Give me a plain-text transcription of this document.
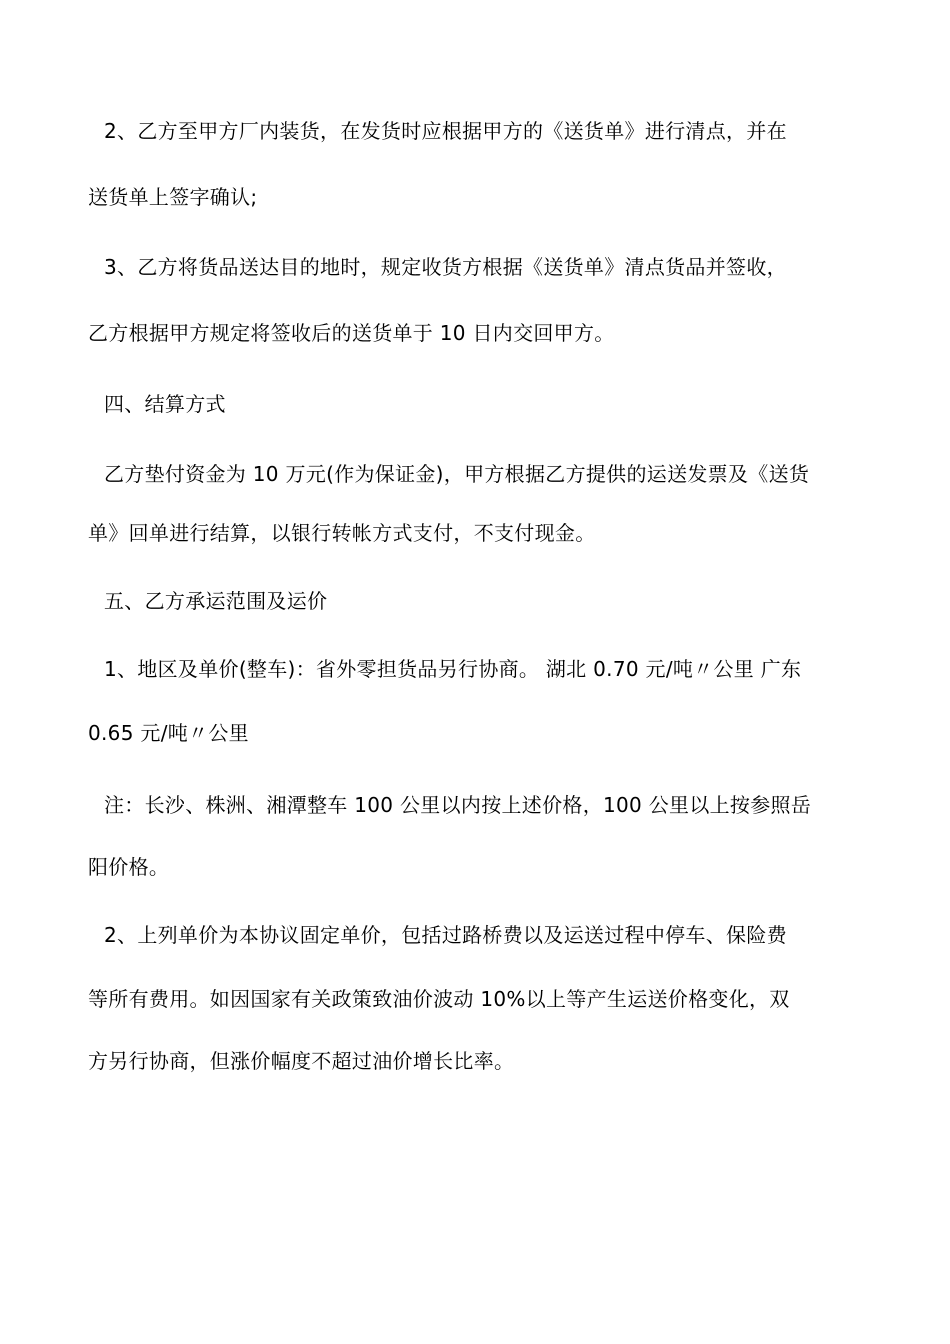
2、乙方至甲方厂内装货，在发货时应根据甲方的《送货单》进行清点，并在
送货单上签字确认;
3、乙方将货品送达目的地时，规定收货方根据《送货单》清点货品并签收，
乙方根据甲方规定将签收后的送货单于 10 日内交回甲方。
四、结算方式
乙方垫付资金为 10 万元(作为保证金)，甲方根据乙方提供的运送发票及《送货
单》回单进行结算，以银行转帐方式支付，不支付现金。
五、乙方承运范围及运价
1、地区及单价(整车)：省外零担货品另行协商。 湖北 0.70 元/吨〃公里 广东
0.65 元/吨〃公里
注：长沙、株洲、湘潭整车 100 公里以内按上述价格，100 公里以上按参照岳
阳价格。
2、上列单价为本协议固定单价，包括过路桥费以及运送过程中停车、保险费
等所有费用。如因国家有关政策致油价波动 10%以上等产生运送价格变化，双
方另行协商，但涨价幅度不超过油价增长比率。
